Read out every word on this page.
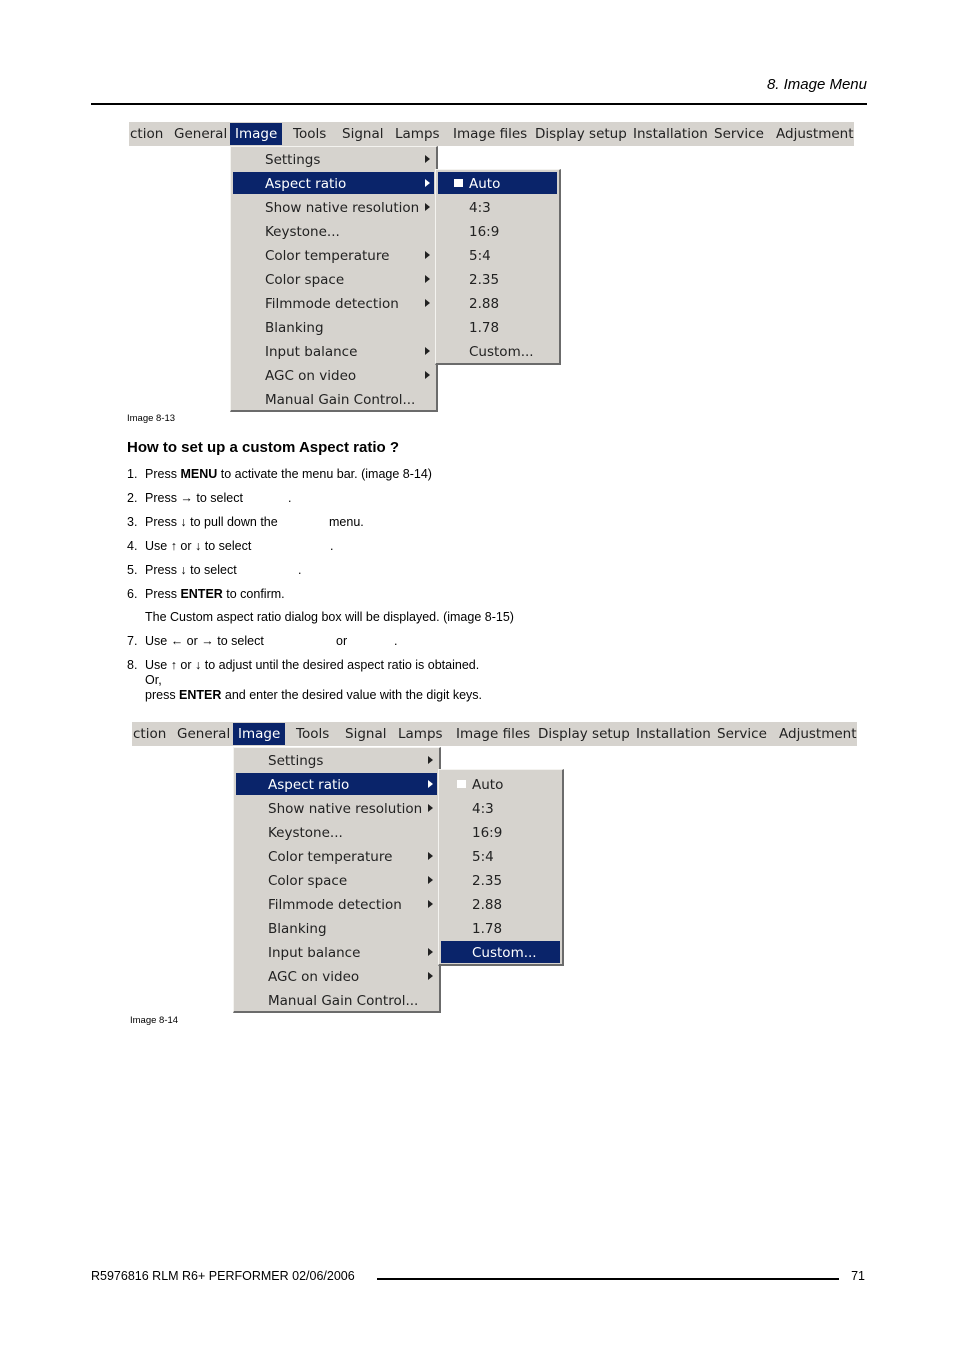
8. Image Menu
ction General Image	Tools Signal Lamps Image files Display setup Installation Service Adjustment
Settings
Aspect ratio
Show native resolution
Keystone...
Color temperature
Color space
Filmmode detection
Blanking
Input balance
AGC on video
Manual Gain Control...
Auto
4:3
16:9
5:4
2.35
2.88
1.78
Custom...
Image 8-13
How to set up a custom Aspect ratio ?
1. Press MENU to activate the menu bar. (image 8-14)
2. Press → to select	.
3. Press ↓ to pull down the	menu.
4. Use ↑ or ↓ to select	.
5. Press ↓ to select	.
6. Press ENTER to confirm.
The Custom aspect ratio dialog box will be displayed. (image 8-15)
7. Use ← or → to select	or	.
8. Use ↑ or ↓ to adjust until the desired aspect ratio is obtained.
Or,
press ENTER and enter the desired value with the digit keys.
ction General Image	Tools Signal Lamps Image files Display setup Installation Service Adjustment
Settings
Aspect ratio
Show native resolution
Keystone...
Color temperature
Color space
Filmmode detection
Blanking
Input balance
AGC on video
Manual Gain Control...
Auto
4:3
16:9
5:4
2.35
2.88
1.78
Custom...
Image 8-14
R5976816 RLM R6+ PERFORMER 02/06/2006	71
